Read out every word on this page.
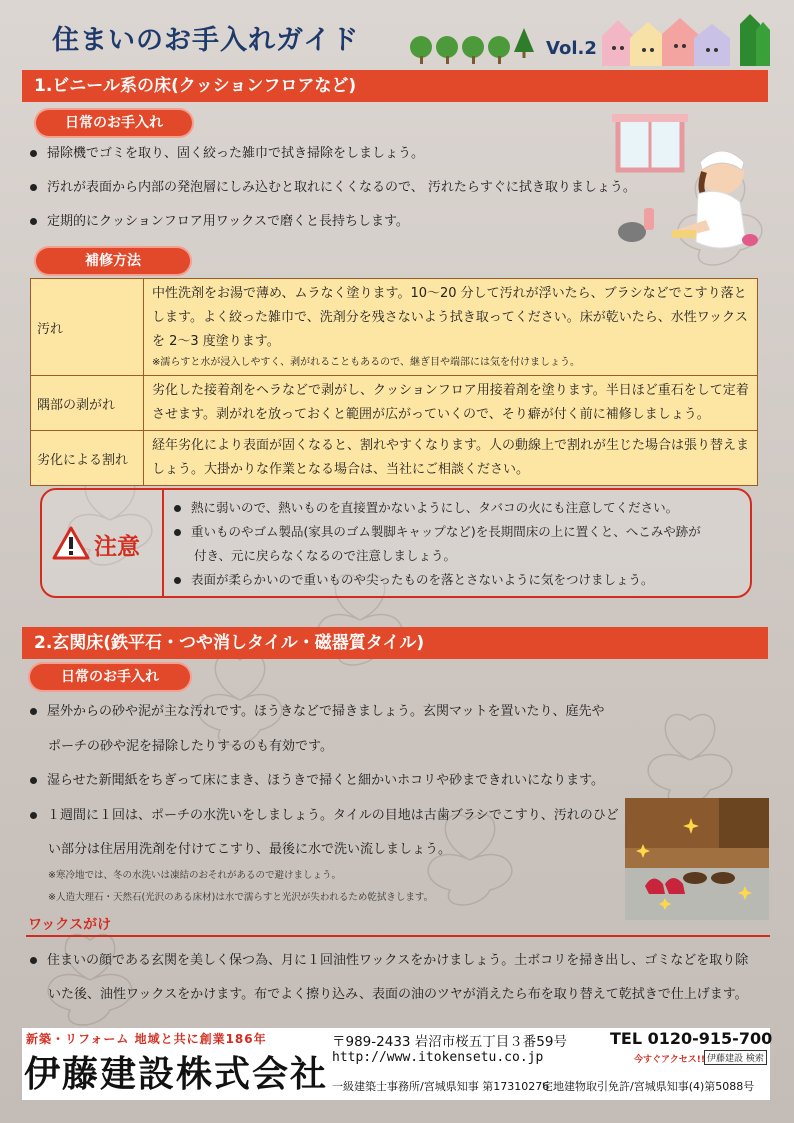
住まいのお手入れガイド	Vol.2
1.ビニール系の床(クッションフロアなど)
日常のお手入れ
掃除機でゴミを取り、固く絞った雑巾で拭き掃除をしましょう。
汚れが表面から内部の発泡層にしみ込むと取れにくくなるので、 汚れたらすぐに拭き取りましょう。
定期的にクッションフロア用ワックスで磨くと長持ちします。
補修方法
汚れ	中性洗剤をお湯で薄め、ムラなく塗ります。10～20 分して汚れが浮いたら、ブラシなどでこすり落とします。よく絞った雑巾で、洗剤分を残さないよう拭き取ってください。床が乾いたら、水性ワックスを 2～3 度塗ります。
※濡らすと水が浸入しやすく、剥がれることもあるので、継ぎ目や端部には気を付けましょう。

隅部の剥がれ	劣化した接着剤をヘラなどで剥がし、クッションフロア用接着剤を塗ります。半日ほど重石をして定着させます。剥がれを放っておくと範囲が広がっていくので、そり癖が付く前に補修しましょう。
劣化による割れ	経年劣化により表面が固くなると、割れやすくなります。人の動線上で割れが生じた場合は張り替えましょう。大掛かりな作業となる場合は、当社にご相談ください。
注意
熱に弱いので、熱いものを直接置かないようにし、タバコの火にも注意してください。
重いものやゴム製品(家具のゴム製脚キャップなど)を長期間床の上に置くと、へこみや跡が
付き、元に戻らなくなるので注意しましょう。
表面が柔らかいので重いものや尖ったものを落とさないように気をつけましょう。
2.玄関床(鉄平石・つや消しタイル・磁器質タイル)
日常のお手入れ
屋外からの砂や泥が主な汚れです。ほうきなどで掃きましょう。玄関マットを置いたり、庭先や
ポーチの砂や泥を掃除したりするのも有効です。
湿らせた新聞紙をちぎって床にまき、ほうきで掃くと細かいホコリや砂まできれいになります。
１週間に１回は、ポーチの水洗いをしましょう。タイルの目地は古歯ブラシでこすり、汚れのひど
い部分は住居用洗剤を付けてこすり、最後に水で洗い流しましょう。
※寒冷地では、冬の水洗いは凍結のおそれがあるので避けましょう。
※人造大理石・天然石(光沢のある床材)は水で濡らすと光沢が失われるため乾拭きします。
ワックスがけ
住まいの顔である玄関を美しく保つ為、月に１回油性ワックスをかけましょう。土ボコリを掃き出し、ゴミなどを取り除
いた後、油性ワックスをかけます。布でよく擦り込み、表面の油のツヤが消えたら布を取り替えて乾拭きで仕上げます。
新築・リフォーム 地域と共に創業186年
伊藤建設株式会社
〒989-2433 岩沼市桜五丁目３番59号	TEL 0120-915-700
http://www.itokensetu.co.jp	今すぐアクセス!! 伊藤建設 検索
一級建築士事務所/宮城県知事 第17310276
宅地建物取引免許/宮城県知事(4)第5088号
